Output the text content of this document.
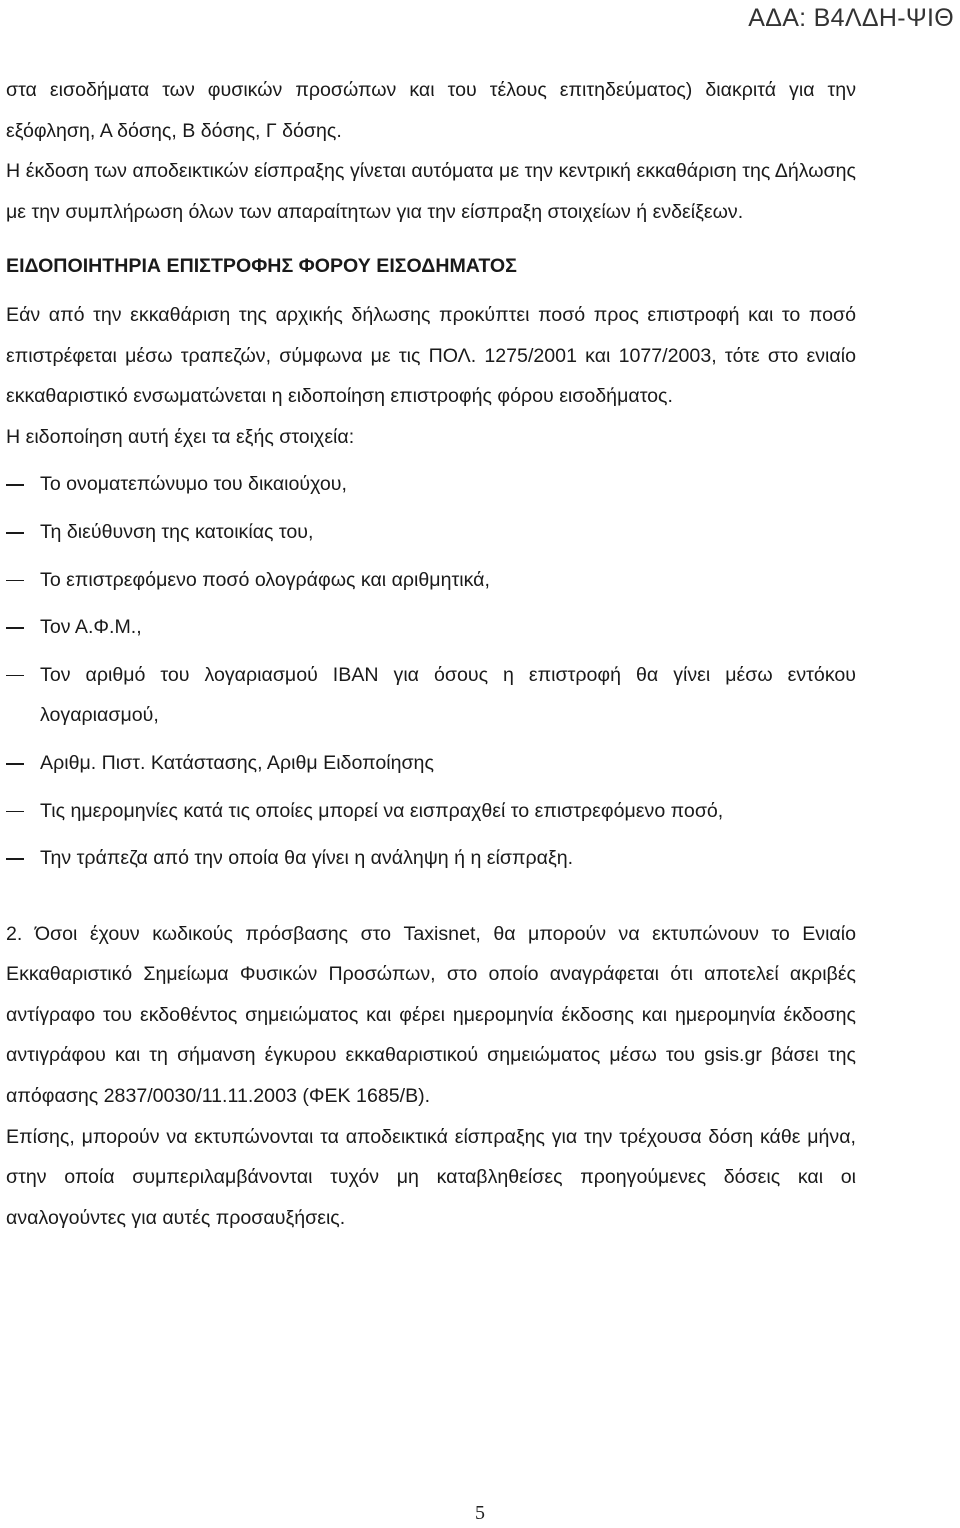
ΑΔΑ: Β4ΛΔΗ-ΨΙΘ

στα εισοδήματα των φυσικών προσώπων και του τέλους επιτηδεύματος) διακριτά για την εξόφληση, Α δόσης, Β δόσης, Γ δόσης.

Η έκδοση των αποδεικτικών είσπραξης γίνεται αυτόματα με την κεντρική εκκαθάριση της Δήλωσης με την συμπλήρωση όλων των απαραίτητων για την είσπραξη στοιχείων ή ενδείξεων.

ΕΙΔΟΠΟΙΗΤΗΡΙΑ ΕΠΙΣΤΡΟΦΗΣ ΦΟΡΟΥ ΕΙΣΟΔΗΜΑΤΟΣ

Εάν από την εκκαθάριση της αρχικής δήλωσης προκύπτει ποσό προς επιστροφή και το ποσό επιστρέφεται μέσω τραπεζών, σύμφωνα με τις ΠΟΛ. 1275/2001 και 1077/2003, τότε στο ενιαίο εκκαθαριστικό ενσωματώνεται η ειδοποίηση επιστροφής φόρου εισοδήματος.

Η ειδοποίηση αυτή έχει τα εξής στοιχεία:

Το ονοματεπώνυμο του δικαιούχου,
Τη διεύθυνση της κατοικίας του,
Το επιστρεφόμενο ποσό ολογράφως και αριθμητικά,
Τον Α.Φ.Μ.,
Τον αριθμό του λογαριασμού IBAN για όσους η επιστροφή θα γίνει μέσω εντόκου λογαριασμού,
Αριθμ. Πιστ. Κατάστασης, Αριθμ Ειδοποίησης
Τις ημερομηνίες κατά τις οποίες μπορεί να εισπραχθεί το επιστρεφόμενο ποσό,
Την τράπεζα από την οποία θα γίνει η ανάληψη ή η είσπραξη.

2. Όσοι έχουν κωδικούς πρόσβασης στο Taxisnet, θα μπορούν να εκτυπώνουν το Ενιαίο Εκκαθαριστικό Σημείωμα Φυσικών Προσώπων, στο οποίο αναγράφεται ότι αποτελεί ακριβές αντίγραφο του εκδοθέντος σημειώματος και φέρει ημερομηνία έκδοσης και ημερομηνία έκδοσης αντιγράφου και τη σήμανση έγκυρου εκκαθαριστικού σημειώματος μέσω του gsis.gr βάσει της απόφασης 2837/0030/11.11.2003 (ΦΕΚ 1685/Β).

Επίσης, μπορούν να εκτυπώνονται τα αποδεικτικά είσπραξης για την τρέχουσα δόση κάθε μήνα, στην οποία συμπεριλαμβάνονται τυχόν μη καταβληθείσες προηγούμενες δόσεις και οι αναλογούντες για αυτές προσαυξήσεις.

5
